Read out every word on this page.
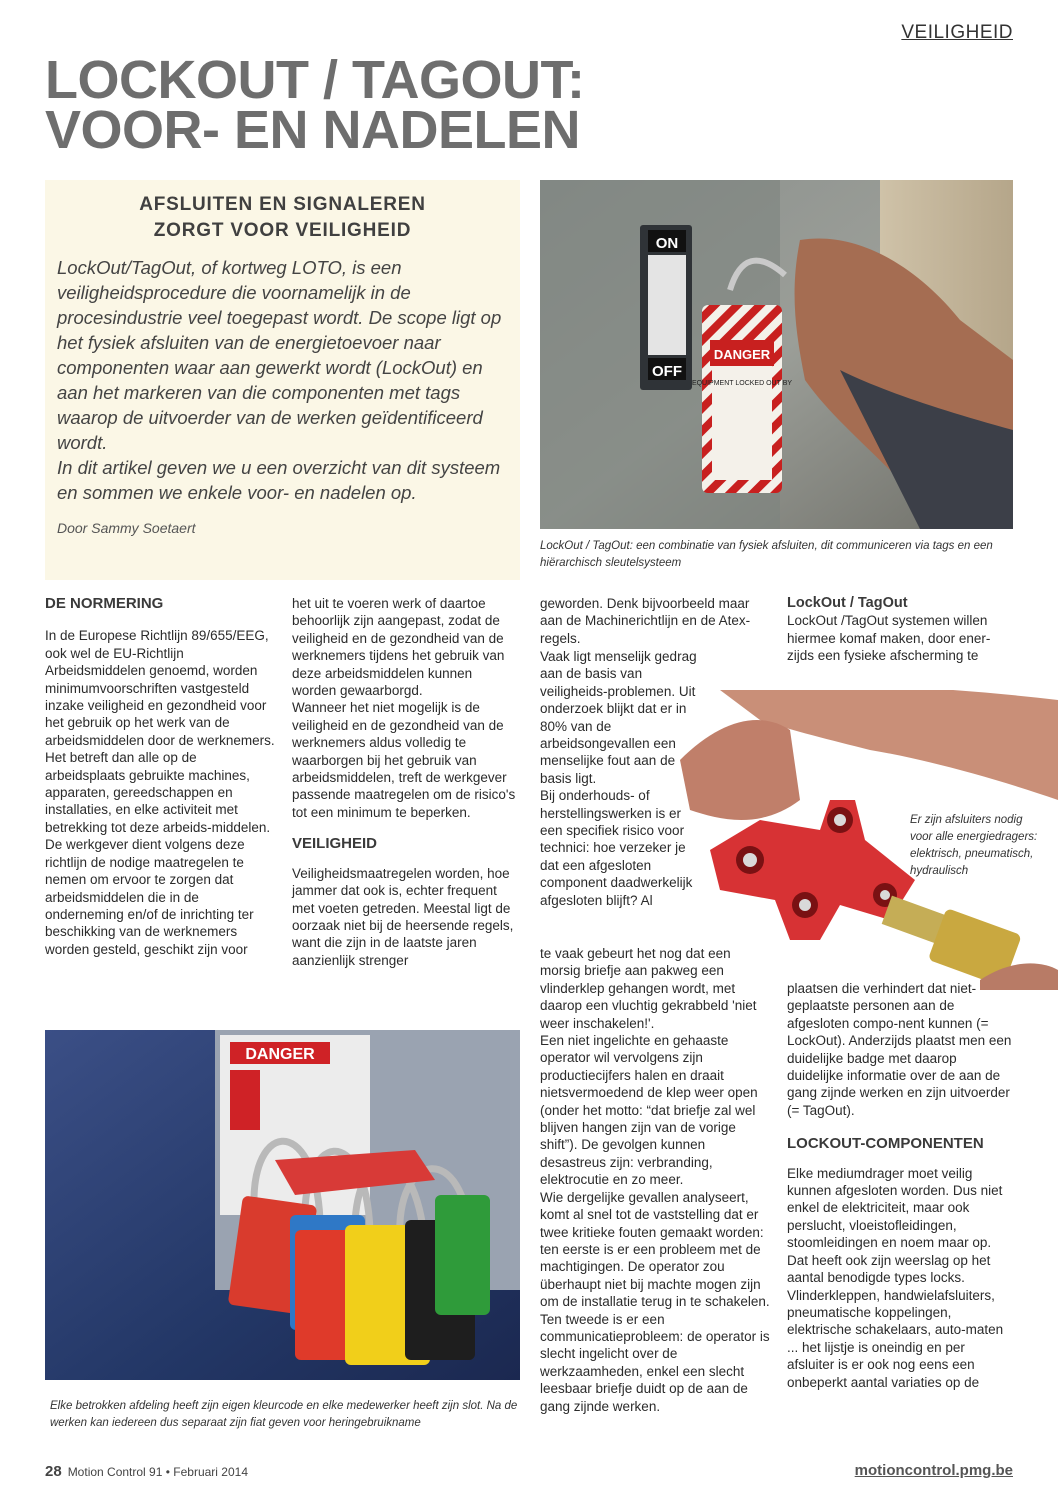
VEILIGHEID
LOCKOUT / TAGOUT:
VOOR- EN NADELEN
AFSLUITEN EN SIGNALEREN
ZORGT VOOR VEILIGHEID
LockOut/TagOut, of kortweg LOTO, is een veiligheidsprocedure die voornamelijk in de procesindustrie veel toegepast wordt. De scope ligt op het fysiek afsluiten van de energietoevoer naar componenten waar aan gewerkt wordt (LockOut) en aan het markeren van die componenten met tags waarop de uitvoerder van de werken geïdentificeerd wordt.
In dit artikel geven we u een overzicht van dit systeem en sommen we enkele voor- en nadelen op.
Door Sammy Soetaert
ON
OFF
DANGER
EQUIPMENT LOCKED OUT BY
LockOut / TagOut: een combinatie van fysiek afsluiten, dit communiceren via tags en een hiërarchisch sleutelsysteem
DE NORMERING

In de Europese Richtlijn 89/655/EEG, ook wel de EU-Richtlijn Arbeidsmiddelen genoemd, worden minimumvoorschriften vastgesteld inzake veiligheid en gezondheid voor het gebruik op het werk van de arbeidsmiddelen door de werknemers.

Het betreft dan alle op de arbeidsplaats gebruikte machines, apparaten, gereedschappen en installaties, en elke activiteit met betrekking tot deze arbeids-middelen.

De werkgever dient volgens deze richtlijn de nodige maatregelen te nemen om ervoor te zorgen dat arbeidsmiddelen die in de onderneming en/of de inrichting ter beschikking van de werknemers worden gesteld, geschikt zijn voor

het uit te voeren werk of daartoe behoorlijk zijn aangepast, zodat de veiligheid en de gezondheid van de werknemers tijdens het gebruik van deze arbeidsmiddelen kunnen worden gewaarborgd.

Wanneer het niet mogelijk is de veiligheid en de gezondheid van de werknemers aldus volledig te waarborgen bij het gebruik van arbeidsmiddelen, treft de werkgever passende maatregelen om de risico's tot een minimum te beperken.

VEILIGHEID

Veiligheidsmaatregelen worden, hoe jammer dat ook is, echter frequent met voeten getreden. Meestal ligt de oorzaak niet bij de heersende regels, want die zijn in de laatste jaren aanzienlijk strenger

geworden. Denk bijvoorbeeld maar aan de Machinerichtlijn en de Atex-regels.

Vaak ligt menselijk gedrag aan de basis van veiligheids-problemen. Uit onderzoek blijkt dat er in 80% van de arbeidsongevallen een menselijke fout aan de basis ligt.

Bij onderhouds- of herstellingswerken is er een specifiek risico voor technici: hoe verzeker je dat een afgesloten component daadwerkelijk afgesloten blijft? Al

te vaak gebeurt het nog dat een morsig briefje aan pakweg een vlinderklep gehangen wordt, met daarop een vluchtig gekrabbeld 'niet weer inschakelen!'.

Een niet ingelichte en gehaaste operator wil vervolgens zijn productiecijfers halen en draait nietsvermoedend de klep weer open (onder het motto: “dat briefje zal wel blijven hangen zijn van de vorige shift”). De gevolgen kunnen desastreus zijn: verbranding, elektrocutie en zo meer.

Wie dergelijke gevallen analyseert, komt al snel tot de vaststelling dat er twee kritieke fouten gemaakt worden: ten eerste is er een probleem met de machtigingen. De operator zou überhaupt niet bij machte mogen zijn om de installatie terug in te schakelen. Ten tweede is er een communicatieprobleem: de operator is slecht ingelicht over de werkzaamheden, enkel een slecht leesbaar briefje duidt op de aan de gang zijnde werken.

LockOut / TagOut

LockOut /TagOut systemen willen hiermee komaf maken, door ener-zijds een fysieke afscherming te

Er zijn afsluiters nodig voor alle energiedragers: elektrisch, pneumatisch, hydraulisch

plaatsen die verhindert dat niet-geplaatste personen aan de afgesloten compo-nent kunnen (= LockOut). Anderzijds plaatst men een duidelijke badge met daarop duidelijke informatie over de aan de gang zijnde werken en zijn uitvoerder (= TagOut).

LOCKOUT-COMPONENTEN

Elke mediumdrager moet veilig kunnen afgesloten worden. Dus niet enkel de elektriciteit, maar ook perslucht, vloeistofleidingen, stoomleidingen en noem maar op. Dat heeft ook zijn weerslag op het aantal benodigde types locks. Vlinderkleppen, handwielafsluiters, pneumatische koppelingen, elektrische schakelaars, auto-maten ... het lijstje is oneindig en per afsluiter is er ook nog eens een onbeperkt aantal variaties op de

DANGER
Elke betrokken afdeling heeft zijn eigen kleurcode en elke medewerker heeft zijn slot. Na de werken kan iedereen dus separaat zijn fiat geven voor heringebruikname
28 Motion Control 91 • Februari 2014	motioncontrol.pmg.be
